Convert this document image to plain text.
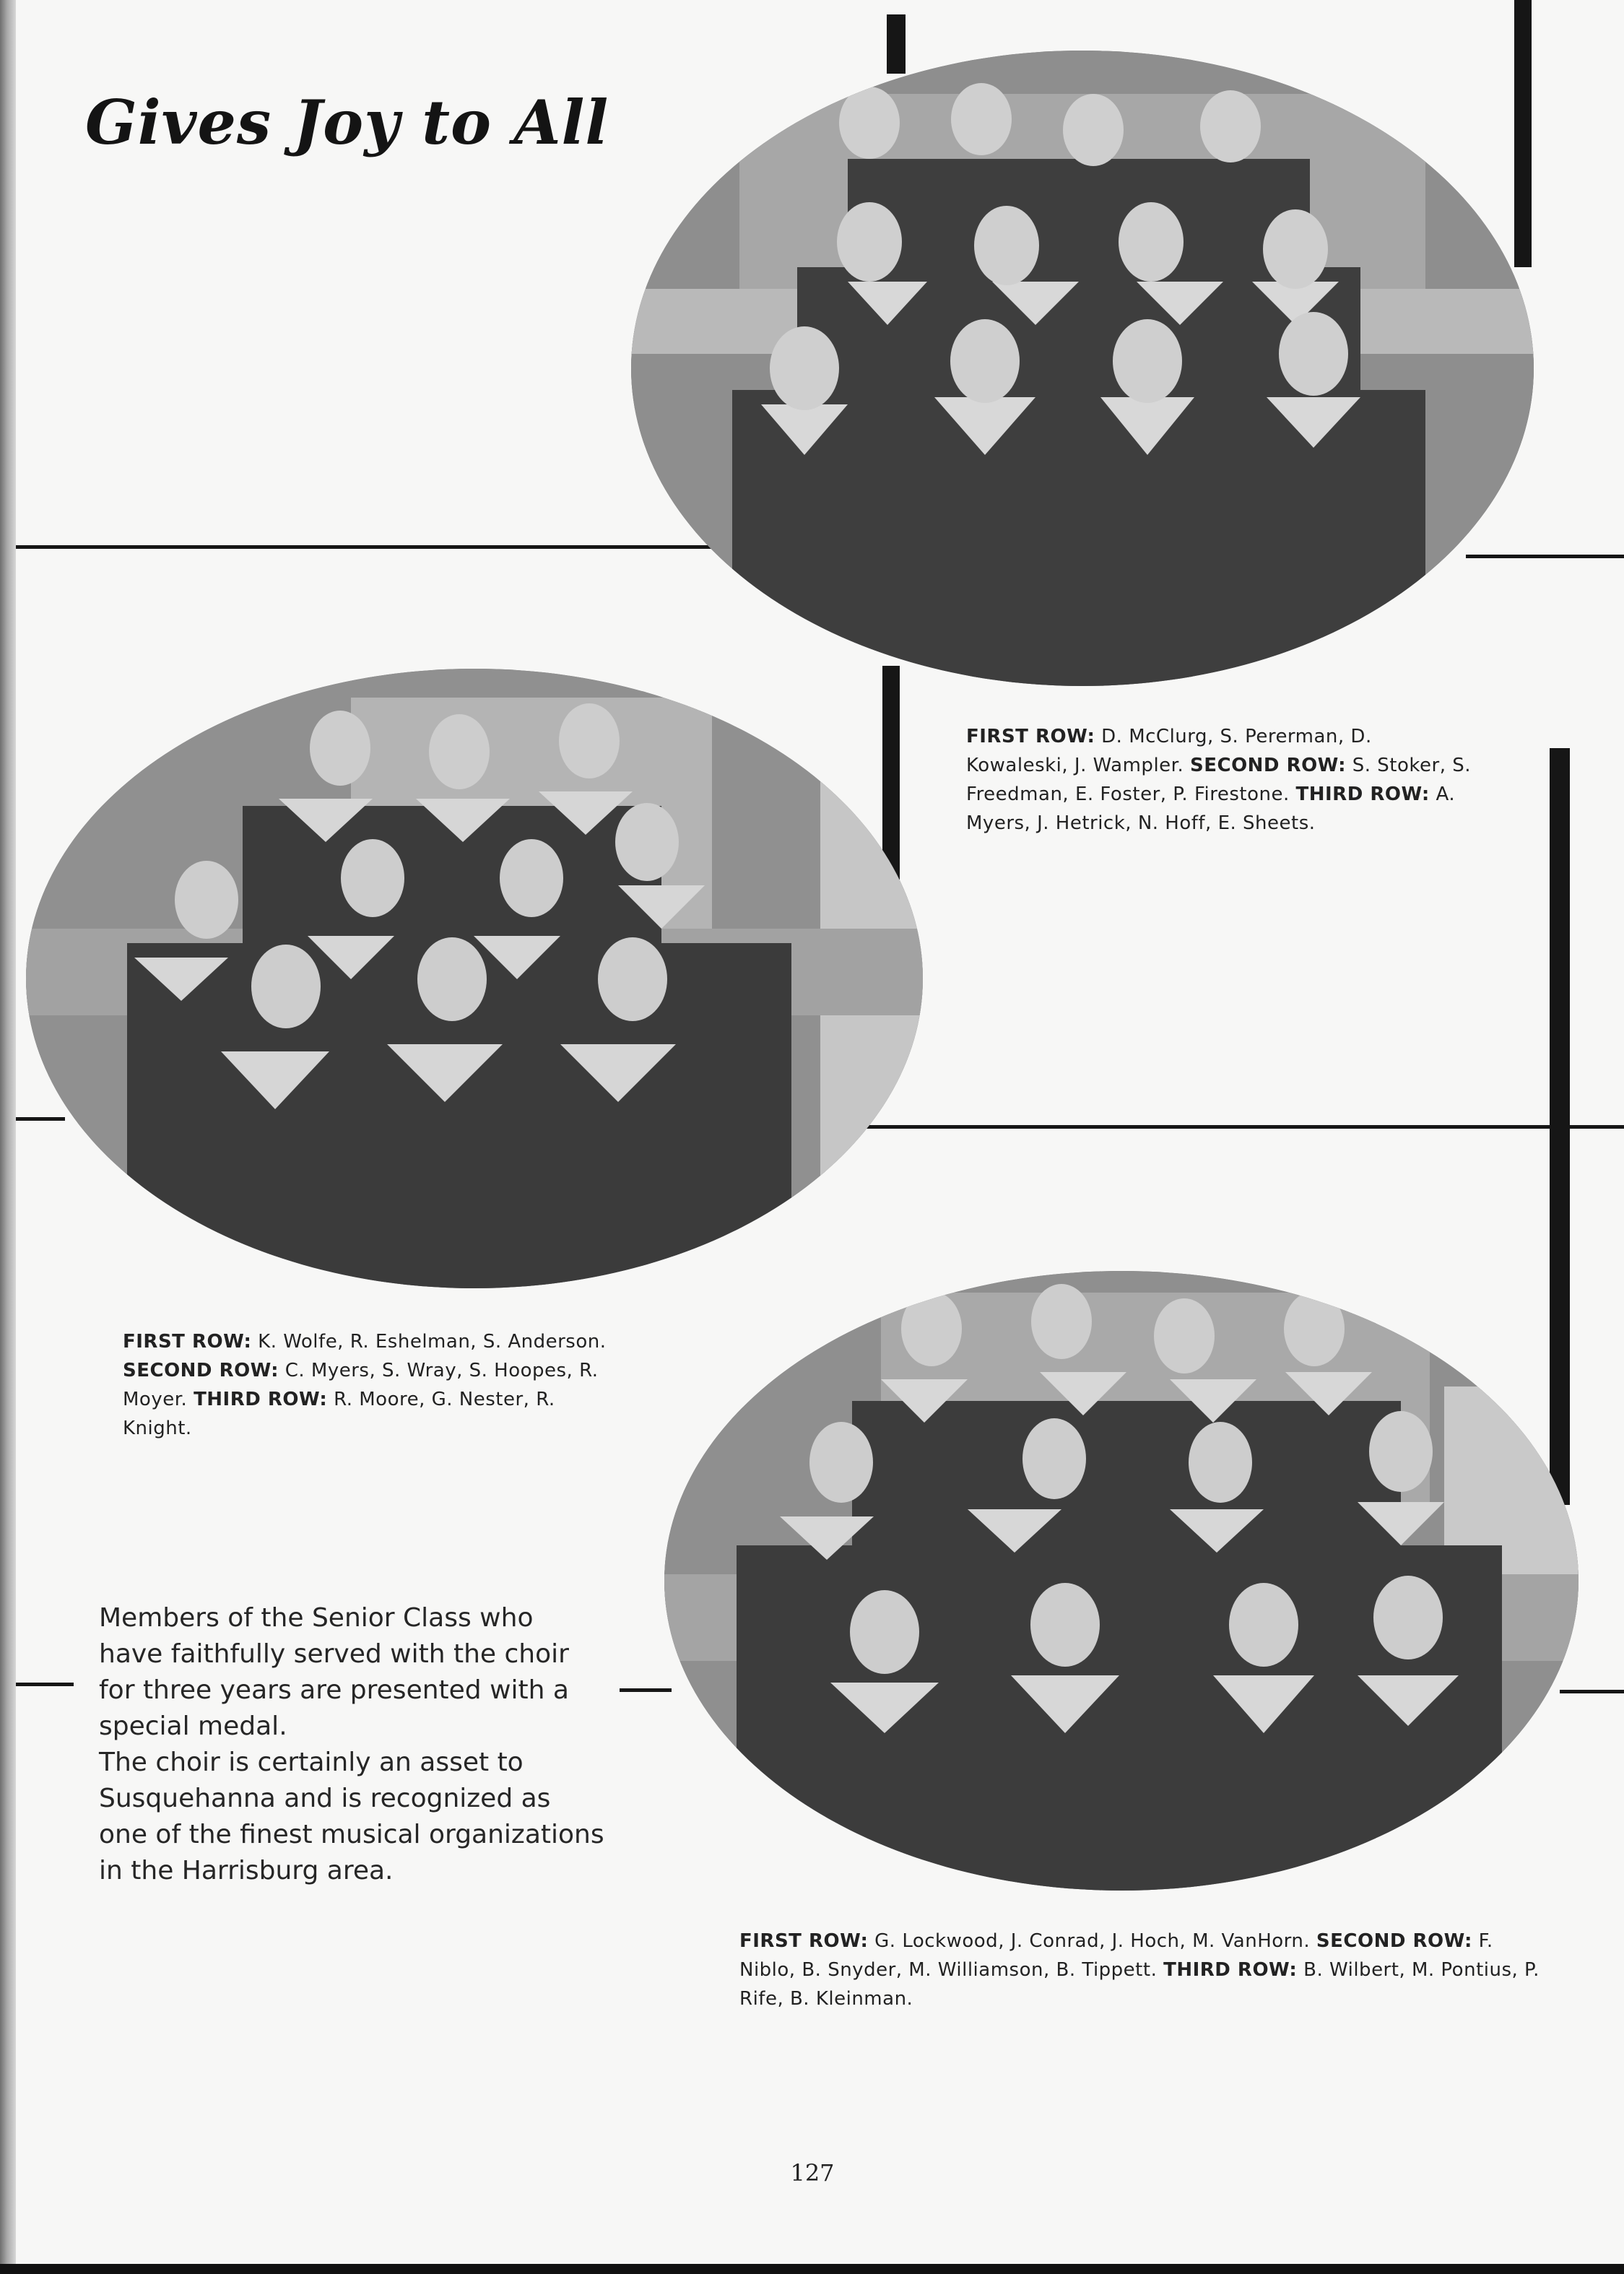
Gives Joy to All
FIRST ROW: D. McClurg, S. Pererman, D. Kowaleski, J. Wampler. SECOND ROW: S. Stoker, S. Freedman, E. Foster, P. Firestone. THIRD ROW: A. Myers, J. Hetrick, N. Hoff, E. Sheets.
FIRST ROW: K. Wolfe, R. Eshelman, S. Anderson. SECOND ROW: C. Myers, S. Wray, S. Hoopes, R. Moyer. THIRD ROW: R. Moore, G. Nester, R. Knight.
FIRST ROW: G. Lockwood, J. Conrad, J. Hoch, M. VanHorn. SECOND ROW: F. Niblo, B. Snyder, M. Williamson, B. Tippett. THIRD ROW: B. Wilbert, M. Pontius, P. Rife, B. Kleinman.

Members of the Senior Class who have faithfully served with the choir for three years are presented with a special medal.

The choir is certainly an asset to Susquehanna and is recognized as one of the finest musical organizations in the Harrisburg area.

127
